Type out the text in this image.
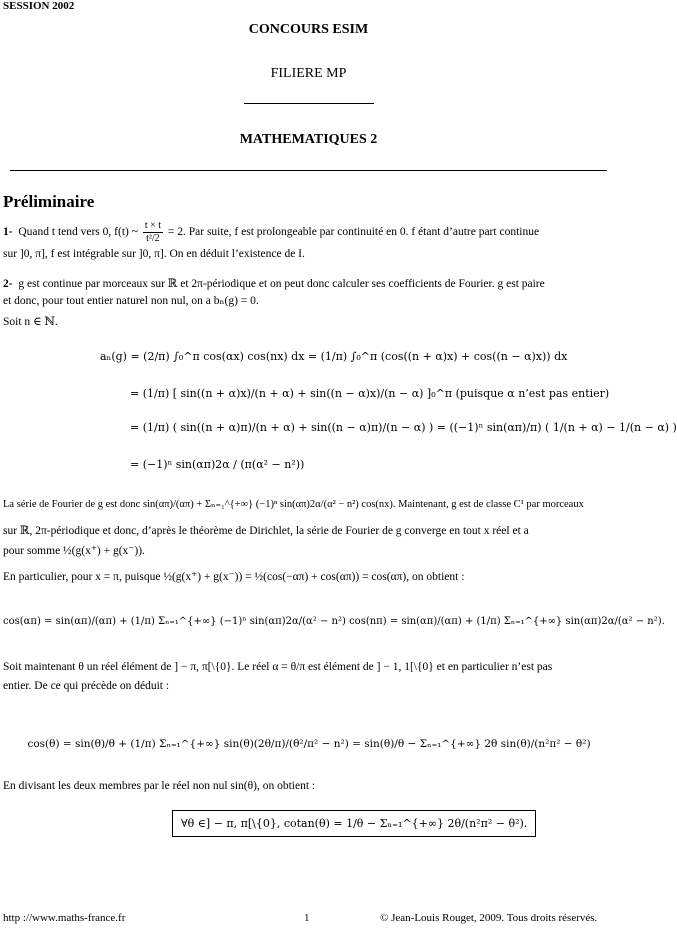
SESSION 2002
CONCOURS ESIM
FILIERE MP
MATHEMATIQUES 2
Préliminaire
1- Quand t tend vers 0, f(t) ~ $\frac{t \times t}{\text{t²/2}} = 2$. Par suite, f est prolongeable par continuité en 0. f étant d’autre part continue
sur ]0, π], f est intégrable sur ]0, π]. On en déduit l’existence de I.
2- g est continue par morceaux sur ℝ et 2π-périodique et on peut donc calculer ses coefficients de Fourier. g est paire
et donc, pour tout entier naturel non nul, on a bₙ(g) = 0.
Soit n ∈ ℕ.
aₙ(g) = (2/π) ∫₀^π cos(αx) cos(nx) dx = (1/π) ∫₀^π (cos((n + α)x) + cos((n − α)x)) dx
= (1/π) [ sin((n + α)x)/(n + α) + sin((n − α)x)/(n − α) ]₀^π (puisque α n’est pas entier)
= (1/π) ( sin((n + α)π)/(n + α) + sin((n − α)π)/(n − α) ) = ((−1)ⁿ sin(απ)/π) ( 1/(n + α) − 1/(n − α) )
= (−1)ⁿ sin(απ)2α / (π(α² − n²))
La série de Fourier de g est donc sin(απ)/(απ) + Σₙ₌₁^{+∞} (−1)ⁿ sin(απ)2α/(α² − n²) cos(nx). Maintenant, g est de classe C¹ par morceaux
sur ℝ, 2π-périodique et donc, d’après le théorème de Dirichlet, la série de Fourier de g converge en tout x réel et a
pour somme ½(g(x⁺) + g(x⁻)).
En particulier, pour x = π, puisque ½(g(x⁺) + g(x⁻)) = ½(cos(−απ) + cos(απ)) = cos(απ), on obtient :
cos(απ) = sin(απ)/(απ) + (1/π) Σₙ₌₁^{+∞} (−1)ⁿ sin(απ)2α/(α² − n²) cos(nπ) = sin(απ)/(απ) + (1/π) Σₙ₌₁^{+∞} sin(απ)2α/(α² − n²).
Soit maintenant θ un réel élément de ] − π, π[\{0}. Le réel α = θ/π est élément de ] − 1, 1[\{0} et en particulier n’est pas
entier. De ce qui précède on déduit :
cos(θ) = sin(θ)/θ + (1/π) Σₙ₌₁^{+∞} sin(θ)(2θ/π)/(θ²/π² − n²) = sin(θ)/θ − Σₙ₌₁^{+∞} 2θ sin(θ)/(n²π² − θ²)
En divisant les deux membres par le réel non nul sin(θ), on obtient :
∀θ ∈] − π, π[\{0}, cotan(θ) = 1/θ − Σₙ₌₁^{+∞} 2θ/(n²π² − θ²).
http ://www.maths-france.fr	1	© Jean-Louis Rouget, 2009. Tous droits réservés.
